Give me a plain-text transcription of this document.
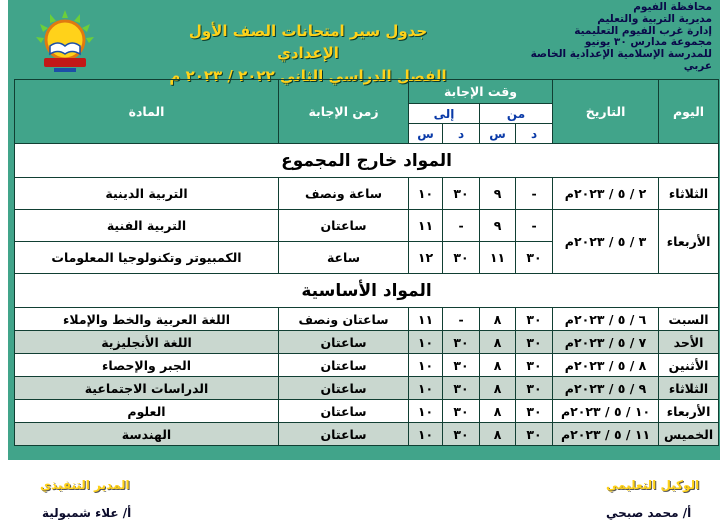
محافظة الفيوم
مديرية التربية والتعليم
إدارة غرب الفيوم التعليمية
مجموعة مدارس ٣٠ يونيو
للمدرسة الإسلامية الإعدادية الخاصة عربي
جدول سير امتحانات الصف الأول الإعدادي
الفصل الدراسي الثاني ٢٠٢٢ / ٢٠٢٣ م
اليوم	التاريخ	وقت الإجابة				زمن الإجابة	المادة
		من		إلى			
		د	س	د	س		
المواد خارج المجموع							
الثلاثاء	٢ / ٥ / ٢٠٢٣م	-	٩	٣٠	١٠	ساعة ونصف	التربية الدينية
الأربعاء	٣ / ٥ / ٢٠٢٣م	-	٩	-	١١	ساعتان	التربية الفنية
		٣٠	١١	٣٠	١٢	ساعة	الكمبيوتر وتكنولوجيا المعلومات
المواد الأساسية							
السبت	٦ / ٥ / ٢٠٢٣م	٣٠	٨	-	١١	ساعتان ونصف	اللغة العربية والخط والإملاء
الأحد	٧ / ٥ / ٢٠٢٣م	٣٠	٨	٣٠	١٠	ساعتان	اللغة الأنجليزية
الأثنين	٨ / ٥ / ٢٠٢٣م	٣٠	٨	٣٠	١٠	ساعتان	الجبر والإحصاء
الثلاثاء	٩ / ٥ / ٢٠٢٣م	٣٠	٨	٣٠	١٠	ساعتان	الدراسات الاجتماعية
الأربعاء	١٠ / ٥ / ٢٠٢٣م	٣٠	٨	٣٠	١٠	ساعتان	العلوم
الخميس	١١ / ٥ / ٢٠٢٣م	٣٠	٨	٣٠	١٠	ساعتان	الهندسة
المدير التنفيذي	الوكيل التعليمي
أ/ علاء شمبولية	أ/ محمد صبحي
